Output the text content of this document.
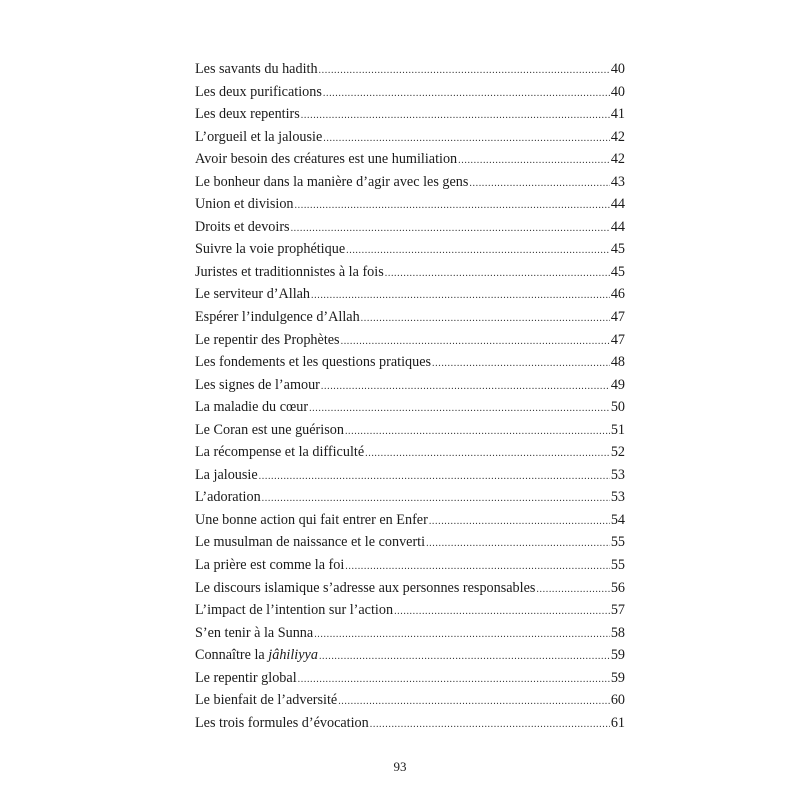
Les savants du hadith .....	40
Les deux purifications .....	40
Les deux repentirs .....	41
L’orgueil et la jalousie .....	42
Avoir besoin des créatures est une humiliation .....	42
Le bonheur dans la manière d’agir avec les gens .....	43
Union et division .....	44
Droits et devoirs .....	44
Suivre la voie prophétique .....	45
Juristes et traditionnistes à la fois .....	45
Le serviteur d’Allah .....	46
Espérer l’indulgence d’Allah .....	47
Le repentir des Prophètes .....	47
Les fondements et les questions pratiques .....	48
Les signes de l’amour .....	49
La maladie du cœur .....	50
Le Coran est une guérison .....	51
La récompense et la difficulté .....	52
La jalousie .....	53
L’adoration .....	53
Une bonne action qui fait entrer en Enfer .....	54
Le musulman de naissance et le converti .....	55
La prière est comme la foi .....	55
Le discours islamique s’adresse aux personnes responsables .....	56
L’impact de l’intention sur l’action .....	57
S’en tenir à la Sunna .....	58
Connaître la jâhiliyya .....	59
Le repentir global .....	59
Le bienfait de l’adversité .....	60
Les trois formules d’évocation .....	61
93
